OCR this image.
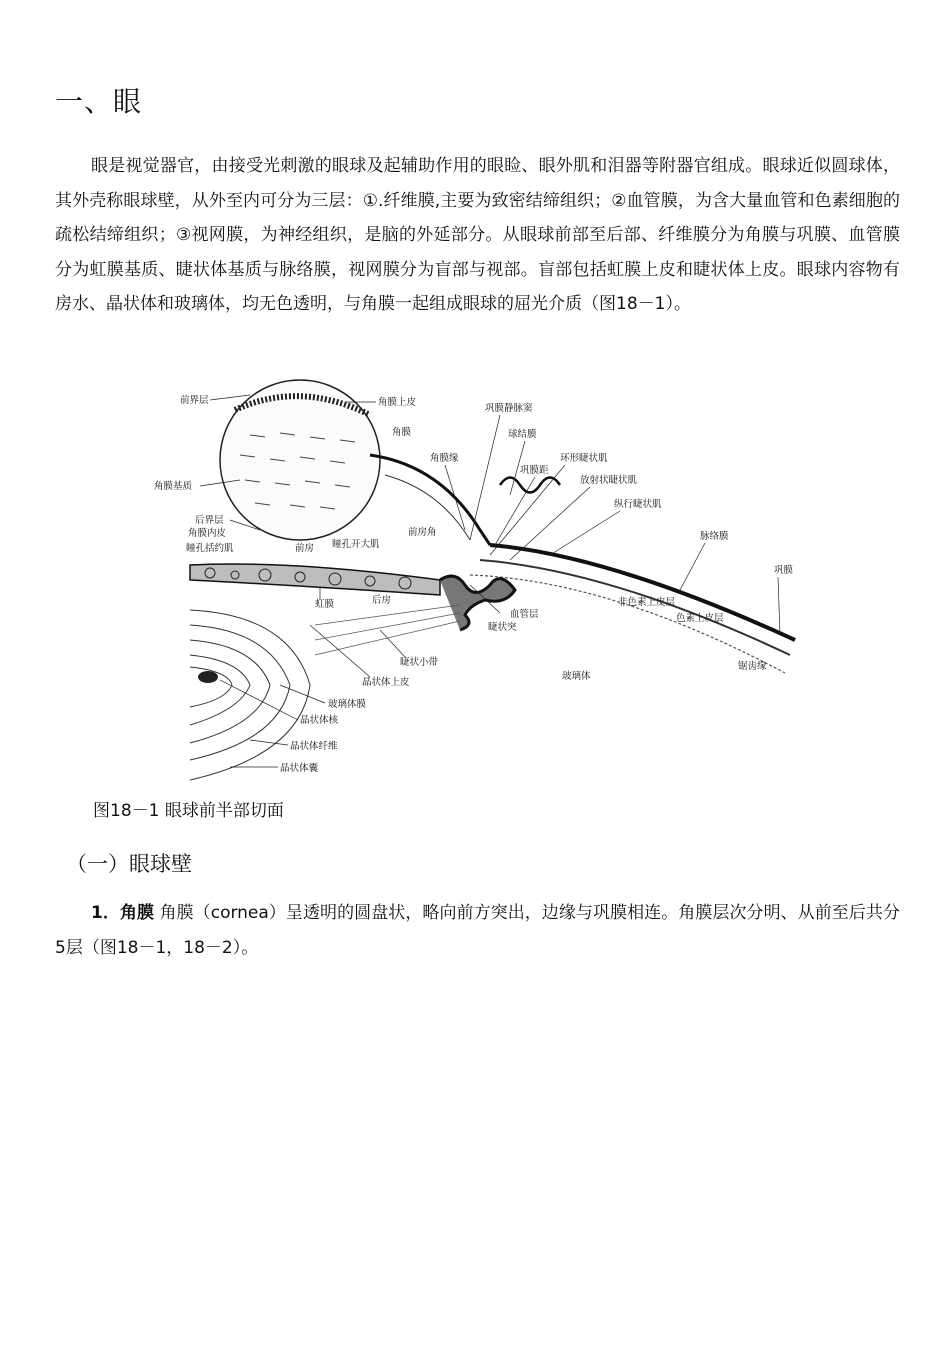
一、眼

眼是视觉器官，由接受光刺激的眼球及起辅助作用的眼睑、眼外肌和泪器等附器官组成。眼球近似圆球体，其外壳称眼球壁，从外至内可分为三层：①.纤维膜,主要为致密结缔组织；②血管膜，为含大量血管和色素细胞的疏松结缔组织；③视网膜，为神经组织，是脑的外延部分。从眼球前部至后部、纤维膜分为角膜与巩膜、血管膜分为虹膜基质、睫状体基质与脉络膜，视网膜分为盲部与视部。盲部包括虹膜上皮和睫状体上皮。眼球内容物有房水、晶状体和玻璃体，均无色透明，与角膜一起组成眼球的屈光介质（图18－1）。

前界层	角膜上皮
巩膜静脉窦
角膜	球结膜
角膜缘	环形睫状肌
巩膜距
角膜基质
放射状睫状肌
纵行睫状肌
后界层
角膜内皮
瞳孔括约肌	前房 瞳孔开大肌
前房角	脉络膜
巩膜
虹膜	后房
血管层
睫状突
非色素上皮层
色素上皮层
睫状小带
晶状体上皮
玻璃体
锯齿缘
玻璃体膜
晶状体核
晶状体纤维
晶状体囊

图18－1 眼球前半部切面

（一）眼球壁

1．角膜 角膜（cornea）呈透明的圆盘状，略向前方突出，边缘与巩膜相连。角膜层次分明、从前至后共分5层（图18－1，18－2）。
